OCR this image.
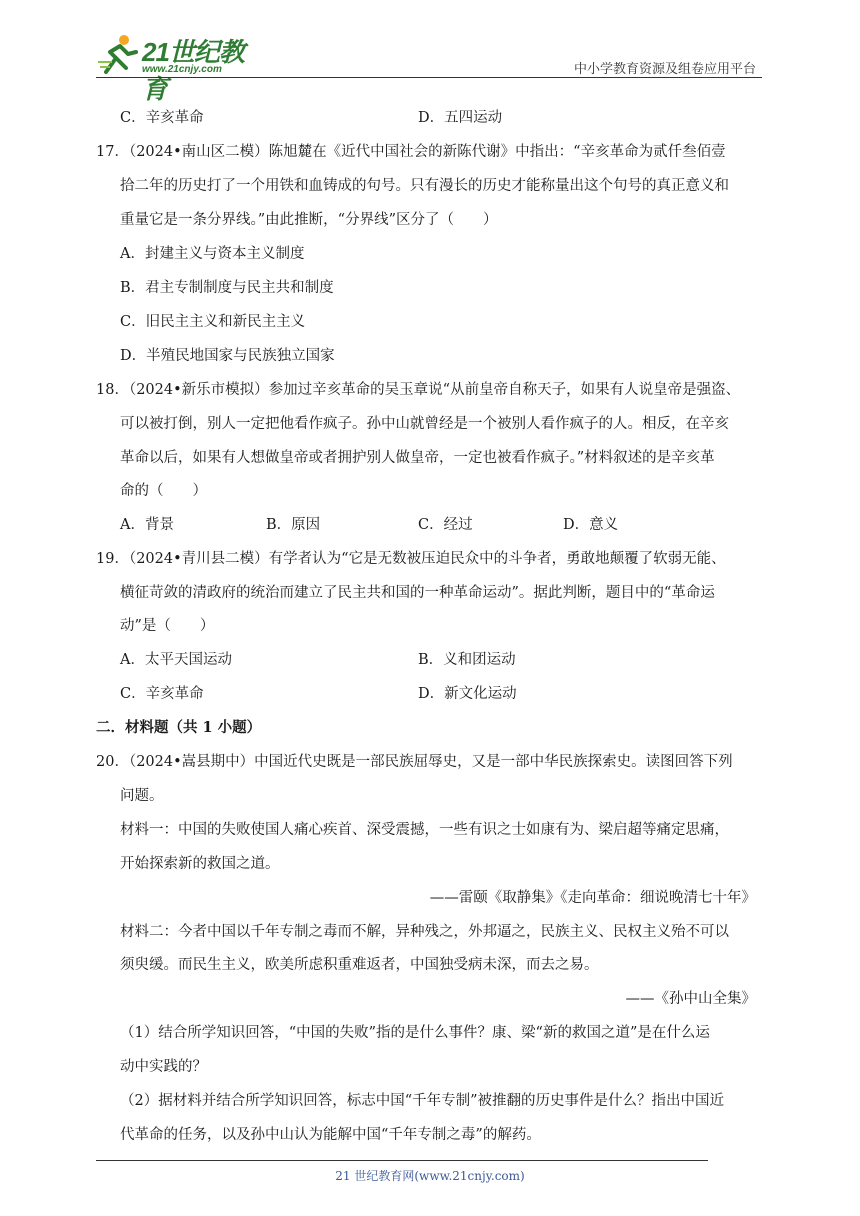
21世纪教育
www.21cnjy.com	中小学教育资源及组卷应用平台
C．辛亥革命	D．五四运动
17．（2024•南山区二模）陈旭麓在《近代中国社会的新陈代谢》中指出：“辛亥革命为贰仟叁佰壹
拾二年的历史打了一个用铁和血铸成的句号。只有漫长的历史才能称量出这个句号的真正意义和
重量它是一条分界线。”由此推断，“分界线”区分了（　　）
A．封建主义与资本主义制度
B．君主专制制度与民主共和制度
C．旧民主主义和新民主主义
D．半殖民地国家与民族独立国家
18．（2024•新乐市模拟）参加过辛亥革命的吴玉章说“从前皇帝自称天子，如果有人说皇帝是强盗、
可以被打倒，别人一定把他看作疯子。孙中山就曾经是一个被别人看作疯子的人。相反，在辛亥
革命以后，如果有人想做皇帝或者拥护别人做皇帝，一定也被看作疯子。”材料叙述的是辛亥革
命的（　　）
A．背景	B．原因	C．经过	D．意义
19．（2024•青川县二模）有学者认为“它是无数被压迫民众中的斗争者，勇敢地颠覆了软弱无能、
横征苛敛的清政府的统治而建立了民主共和国的一种革命运动”。据此判断，题目中的“革命运
动”是（　　）
A．太平天国运动	B．义和团运动
C．辛亥革命	D．新文化运动
二．材料题（共 1 小题）
20．（2024•嵩县期中）中国近代史既是一部民族屈辱史，又是一部中华民族探索史。读图回答下列
问题。
材料一：中国的失败使国人痛心疾首、深受震撼，一些有识之士如康有为、梁启超等痛定思痛，
开始探索新的救国之道。
——雷颐《取静集》《走向革命：细说晚清七十年》
材料二：今者中国以千年专制之毒而不解，异种残之，外邦逼之，民族主义、民权主义殆不可以
须臾缓。而民生主义，欧美所虑积重难返者，中国独受病未深，而去之易。
——《孙中山全集》
（1）结合所学知识回答，“中国的失败”指的是什么事件？康、梁“新的救国之道”是在什么运
动中实践的？
（2）据材料并结合所学知识回答，标志中国“千年专制”被推翻的历史事件是什么？指出中国近
代革命的任务，以及孙中山认为能解中国“千年专制之毒”的解药。
21 世纪教育网(www.21cnjy.com)
